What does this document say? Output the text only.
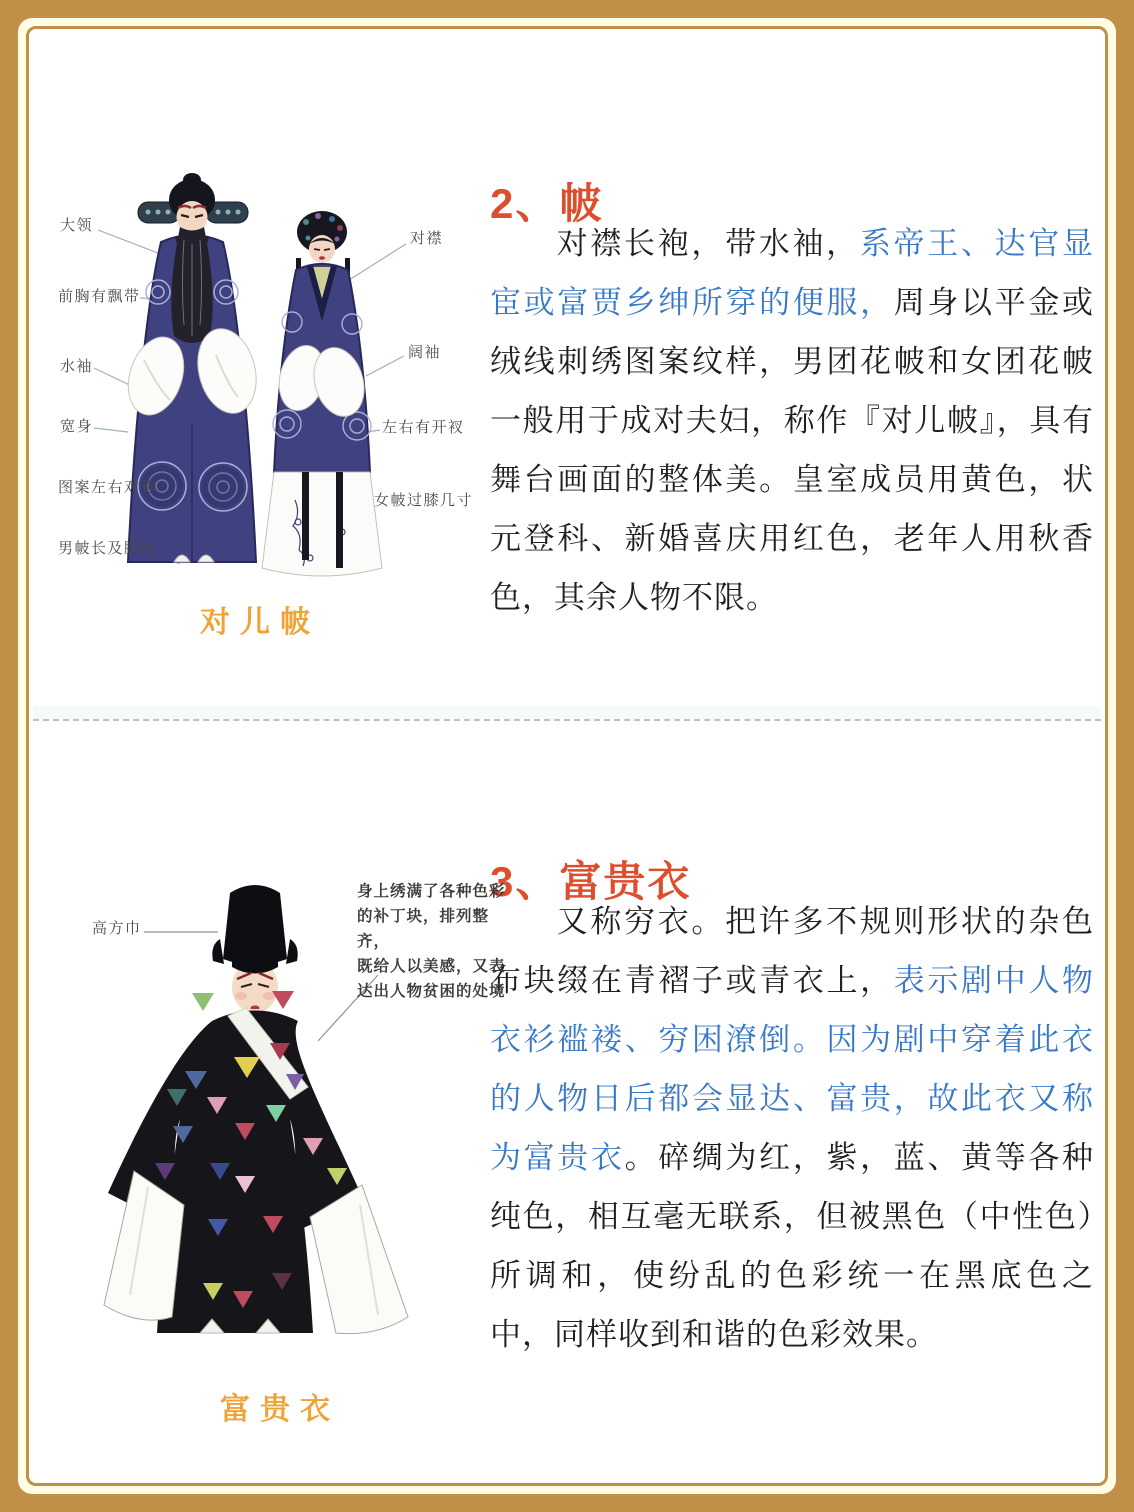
2、帔

对襟长袍，带水袖，系帝王、达官显宦或富贾乡绅所穿的便服，周身以平金或绒线刺绣图案纹样，男团花帔和女团花帔一般用于成对夫妇，称作『对儿帔』，具有舞台画面的整体美。皇室成员用黄色，状元登科、新婚喜庆用红色，老年人用秋香色，其余人物不限。

大领
前胸有飘带
水袖
宽身
图案左右对称
男帔长及脚面
对襟
阔袖
左右有开衩
女帔过膝几寸
对儿帔
3、富贵衣

又称穷衣。把许多不规则形状的杂色布块缀在青褶子或青衣上，表示剧中人物衣衫褴褛、穷困潦倒。因为剧中穿着此衣的人物日后都会显达、富贵，故此衣又称为富贵衣。碎绸为红，紫，蓝、黄等各种纯色，相互毫无联系，但被黑色（中性色）所调和，使纷乱的色彩统一在黑底色之中，同样收到和谐的色彩效果。

高方巾
身上绣满了各种色彩
的补丁块，排列整齐，
既给人以美感，又表
达出人物贫困的处境
富贵衣
